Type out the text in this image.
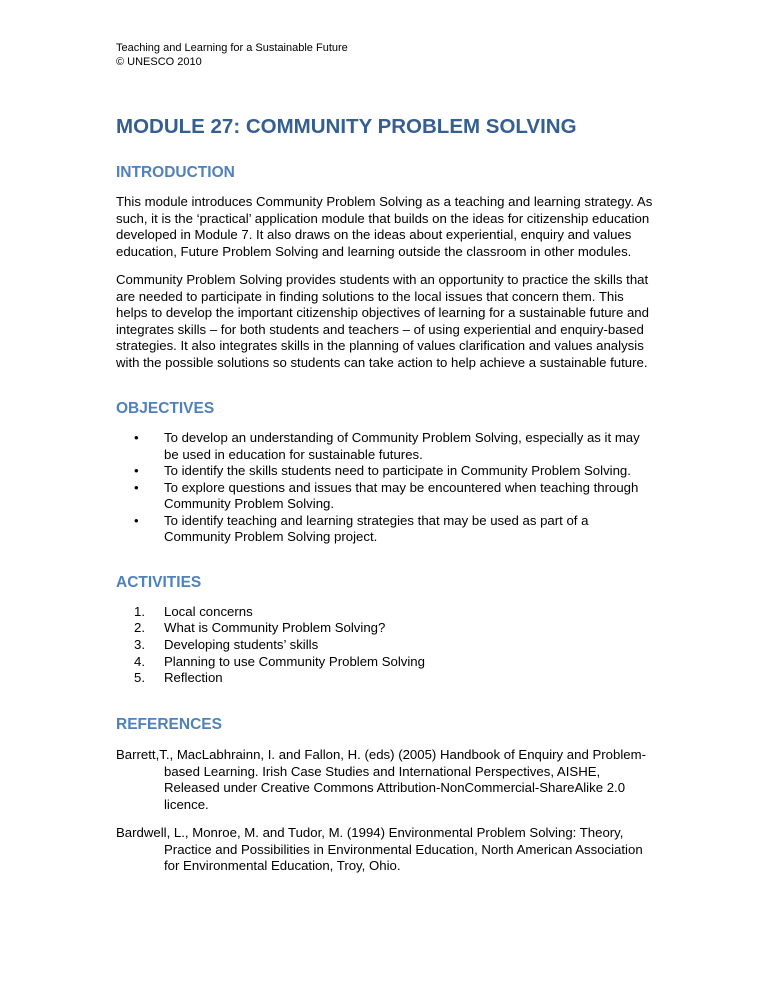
Teaching and Learning for a Sustainable Future
© UNESCO 2010
MODULE 27: COMMUNITY PROBLEM SOLVING
INTRODUCTION

This module introduces Community Problem Solving as a teaching and learning strategy. As such, it is the ‘practical’ application module that builds on the ideas for citizenship education developed in Module 7. It also draws on the ideas about experiential, enquiry and values education, Future Problem Solving and learning outside the classroom in other modules.

Community Problem Solving provides students with an opportunity to practice the skills that are needed to participate in finding solutions to the local issues that concern them. This helps to develop the important citizenship objectives of learning for a sustainable future and integrates skills – for both students and teachers – of using experiential and enquiry-based strategies. It also integrates skills in the planning of values clarification and values analysis with the possible solutions so students can take action to help achieve a sustainable future.

OBJECTIVES
• To develop an understanding of Community Problem Solving, especially as it may be used in education for sustainable futures.
• To identify the skills students need to participate in Community Problem Solving.
• To explore questions and issues that may be encountered when teaching through Community Problem Solving.
• To identify teaching and learning strategies that may be used as part of a Community Problem Solving project.
ACTIVITIES
1. Local concerns
2. What is Community Problem Solving?
3. Developing students’ skills
4. Planning to use Community Problem Solving
5. Reflection
REFERENCES

Barrett,T., MacLabhrainn, I. and Fallon, H. (eds) (2005) Handbook of Enquiry and Problem-based Learning. Irish Case Studies and International Perspectives, AISHE, Released under Creative Commons Attribution-NonCommercial-ShareAlike 2.0 licence.

Bardwell, L., Monroe, M. and Tudor, M. (1994) Environmental Problem Solving: Theory, Practice and Possibilities in Environmental Education, North American Association for Environmental Education, Troy, Ohio.
